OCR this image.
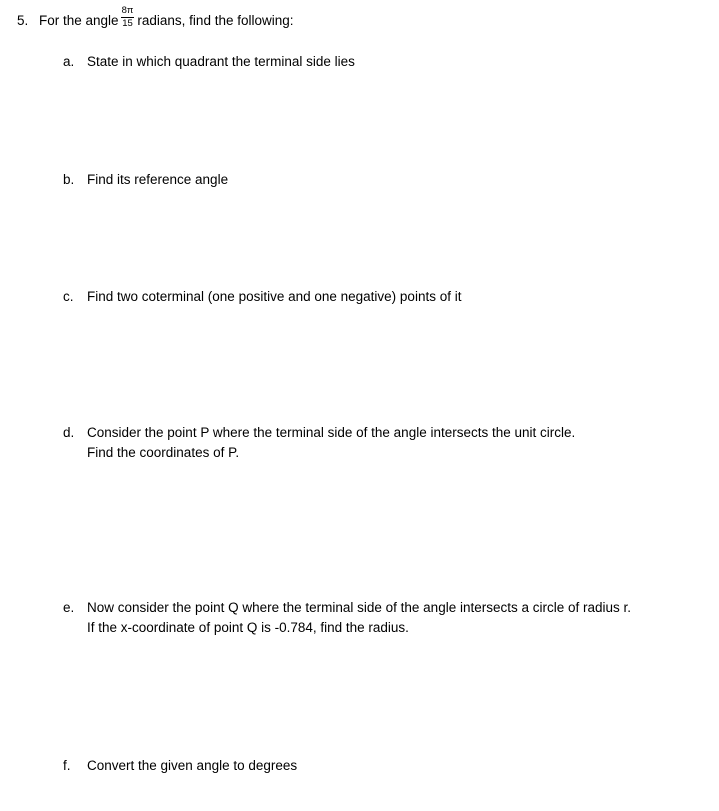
5. For the angle $\frac{8\pi}{15}$ radians, find the following:
a. State in which quadrant the terminal side lies
b. Find its reference angle
c. Find two coterminal (one positive and one negative) points of it
d. Consider the point P where the terminal side of the angle intersects the unit circle.
Find the coordinates of P.
e. Now consider the point Q where the terminal side of the angle intersects a circle of radius r.
If the x-coordinate of point Q is -0.784, find the radius.
f. Convert the given angle to degrees
